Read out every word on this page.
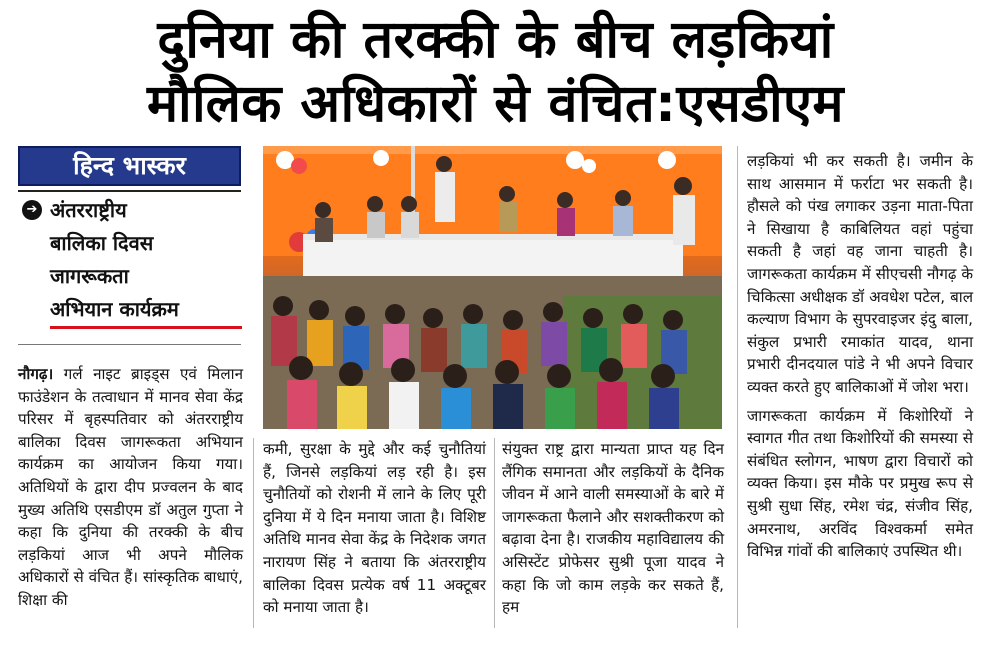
दुनिया की तरक्की के बीच लड़कियां
मौलिक अधिकारों से वंचित:एसडीएम
हिन्द भास्कर
➔ अंतरराष्ट्रीय
बालिका दिवस
जागरूकता
अभियान कार्यक्रम

नौगढ़। गर्ल नाइट ब्राइड्स एवं मिलान फाउंडेशन के तत्वाधान में मानव सेवा केंद्र परिसर में बृहस्पतिवार को अंतरराष्ट्रीय बालिका दिवस जागरूकता अभियान कार्यक्रम का आयोजन किया गया। अतिथियों के द्वारा दीप प्रज्वलन के बाद मुख्य अतिथि एसडीएम डॉ अतुल गुप्ता ने कहा कि दुनिया की तरक्की के बीच लड़कियां आज भी अपने मौलिक अधिकारों से वंचित हैं। सांस्कृतिक बाधाएं, शिक्षा की

कमी, सुरक्षा के मुद्दे और कई चुनौतियां हैं, जिनसे लड़कियां लड़ रही है। इस चुनौतियों को रोशनी में लाने के लिए पूरी दुनिया में ये दिन मनाया जाता है। विशिष्ट अतिथि मानव सेवा केंद्र के निदेशक जगत नारायण सिंह ने बताया कि अंतरराष्ट्रीय बालिका दिवस प्रत्येक वर्ष 11 अक्टूबर को मनाया जाता है।

संयुक्त राष्ट्र द्वारा मान्यता प्राप्त यह दिन लैंगिक समानता और लड़कियों के दैनिक जीवन में आने वाली समस्याओं के बारे में जागरूकता फैलाने और सशक्तीकरण को बढ़ावा देना है। राजकीय महाविद्यालय की असिस्टेंट प्रोफेसर सुश्री पूजा यादव ने कहा कि जो काम लड़के कर सकते हैं, हम

लड़कियां भी कर सकती है। जमीन के साथ आसमान में फर्राटा भर सकती है। हौसले को पंख लगाकर उड़ना माता-पिता ने सिखाया है काबिलियत वहां पहुंचा सकती है जहां वह जाना चाहती है। जागरूकता कार्यक्रम में सीएचसी नौगढ़ के चिकित्सा अधीक्षक डॉ अवधेश पटेल, बाल कल्याण विभाग के सुपरवाइजर इंदु बाला, संकुल प्रभारी रमाकांत यादव, थाना प्रभारी दीनदयाल पांडे ने भी अपने विचार व्यक्त करते हुए बालिकाओं में जोश भरा।

जागरूकता कार्यक्रम में किशोरियों ने स्वागत गीत तथा किशोरियों की समस्या से संबंधित स्लोगन, भाषण द्वारा विचारों को व्यक्त किया। इस मौके पर प्रमुख रूप से सुश्री सुधा सिंह, रमेश चंद्र, संजीव सिंह, अमरनाथ, अरविंद विश्वकर्मा समेत विभिन्न गांवों की बालिकाएं उपस्थित थी।
